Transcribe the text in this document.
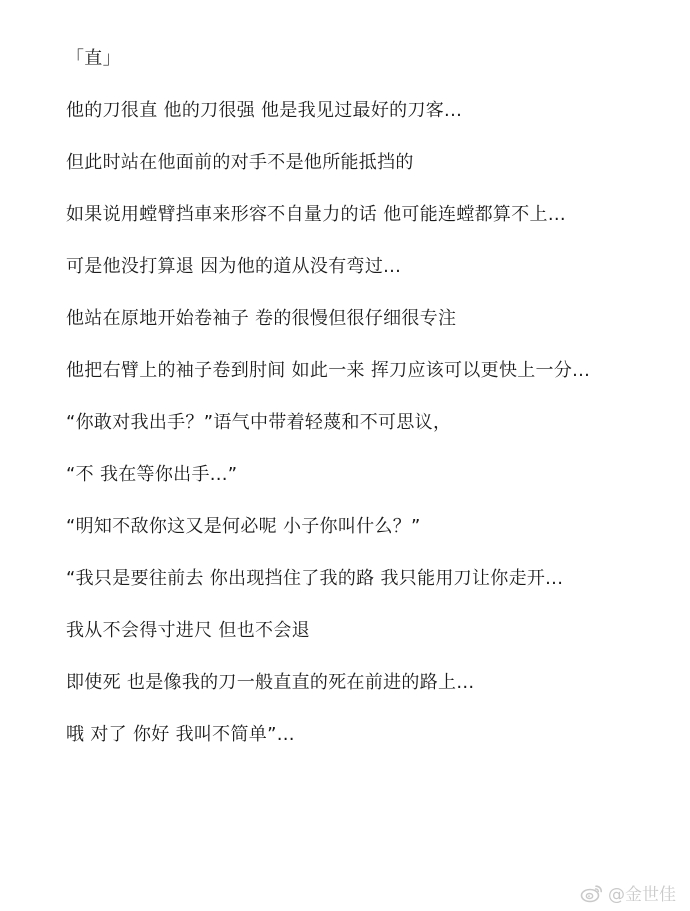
「直」

他的刀很直 他的刀很强 他是我见过最好的刀客...

但此时站在他面前的对手不是他所能抵挡的

如果说用螳臂挡車来形容不自量力的话 他可能连螳都算不上...

可是他没打算退 因为他的道从没有弯过...

他站在原地开始卷袖子 卷的很慢但很仔细很专注

他把右臂上的袖子卷到肘间 如此一来 挥刀应该可以更快上一分...

“你敢对我出手？”语气中带着轻蔑和不可思议，

“不 我在等你出手...”

“明知不敌你这又是何必呢 小子你叫什么？”

“我只是要往前去 你出现挡住了我的路 我只能用刀让你走开...

我从不会得寸进尺 但也不会退

即使死 也是像我的刀一般直直的死在前进的路上...

哦 对了 你好 我叫不简单”...

@金世佳
